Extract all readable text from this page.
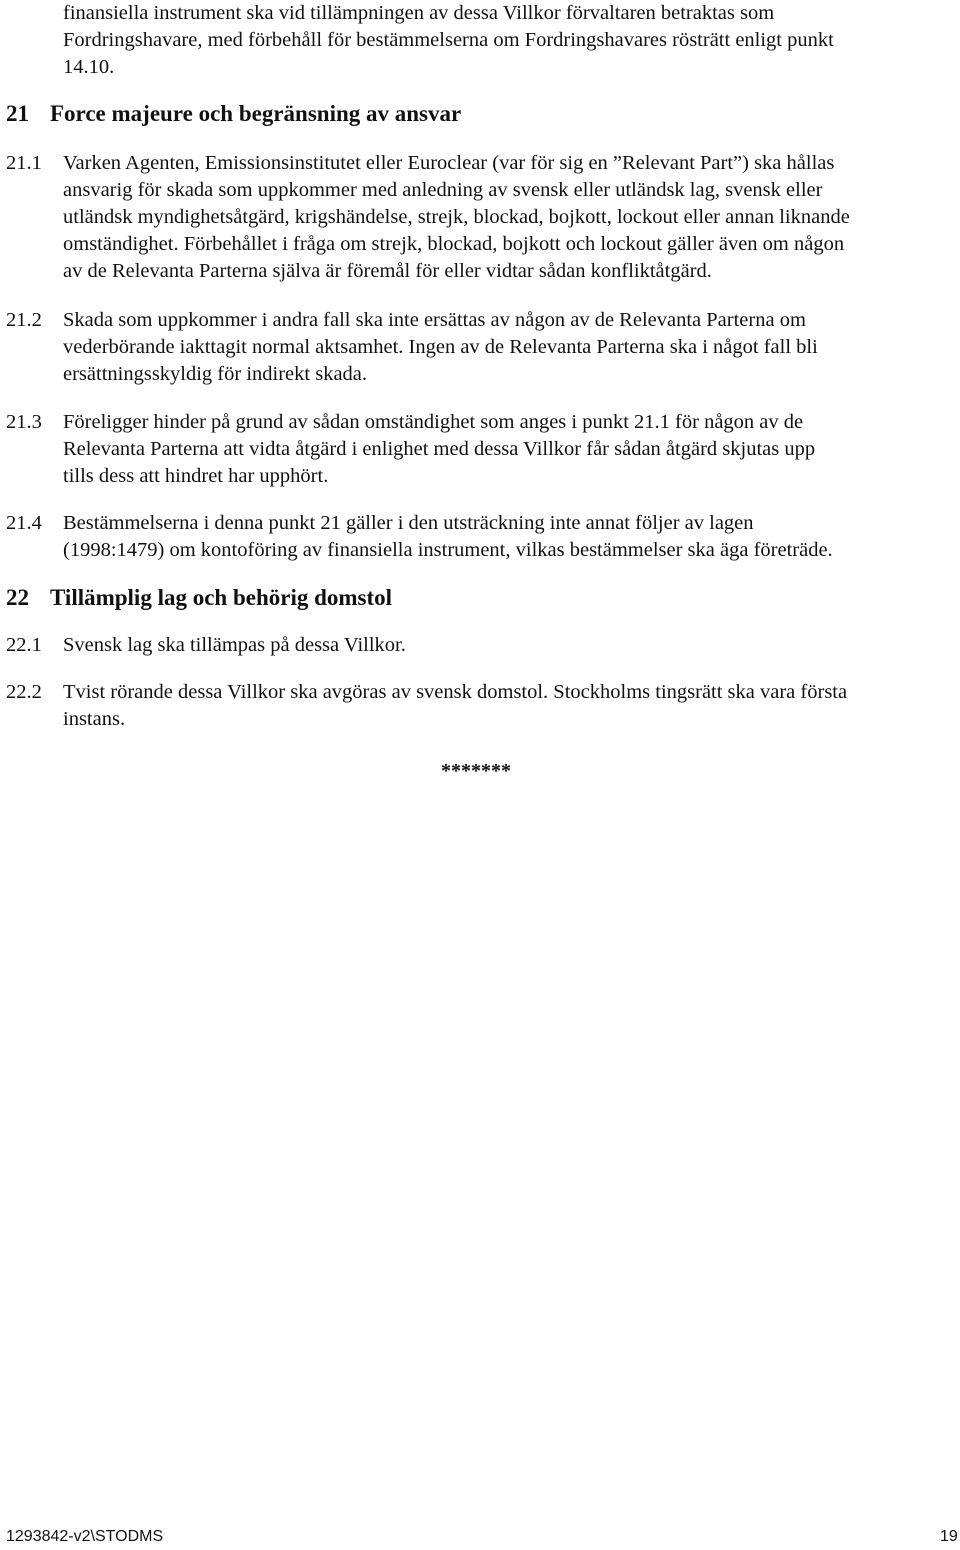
finansiella instrument ska vid tillämpningen av dessa Villkor förvaltaren betraktas som
Fordringshavare, med förbehåll för bestämmelserna om Fordringshavares rösträtt enligt punkt
14.10.
21 Force majeure och begränsning av ansvar
21.1 Varken Agenten, Emissionsinstitutet eller Euroclear (var för sig en ”Relevant Part”) ska hållas
ansvarig för skada som uppkommer med anledning av svensk eller utländsk lag, svensk eller
utländsk myndighetsåtgärd, krigshändelse, strejk, blockad, bojkott, lockout eller annan liknande
omständighet. Förbehållet i fråga om strejk, blockad, bojkott och lockout gäller även om någon
av de Relevanta Parterna själva är föremål för eller vidtar sådan konfliktåtgärd.
21.2 Skada som uppkommer i andra fall ska inte ersättas av någon av de Relevanta Parterna om
vederbörande iakttagit normal aktsamhet. Ingen av de Relevanta Parterna ska i något fall bli
ersättningsskyldig för indirekt skada.
21.3 Föreligger hinder på grund av sådan omständighet som anges i punkt 21.1 för någon av de
Relevanta Parterna att vidta åtgärd i enlighet med dessa Villkor får sådan åtgärd skjutas upp
tills dess att hindret har upphört.
21.4 Bestämmelserna i denna punkt 21 gäller i den utsträckning inte annat följer av lagen
(1998:1479) om kontoföring av finansiella instrument, vilkas bestämmelser ska äga företräde.
22 Tillämplig lag och behörig domstol
22.1 Svensk lag ska tillämpas på dessa Villkor.
22.2 Tvist rörande dessa Villkor ska avgöras av svensk domstol. Stockholms tingsrätt ska vara första
instans.
*******
1293842-v2\STODMS	19
